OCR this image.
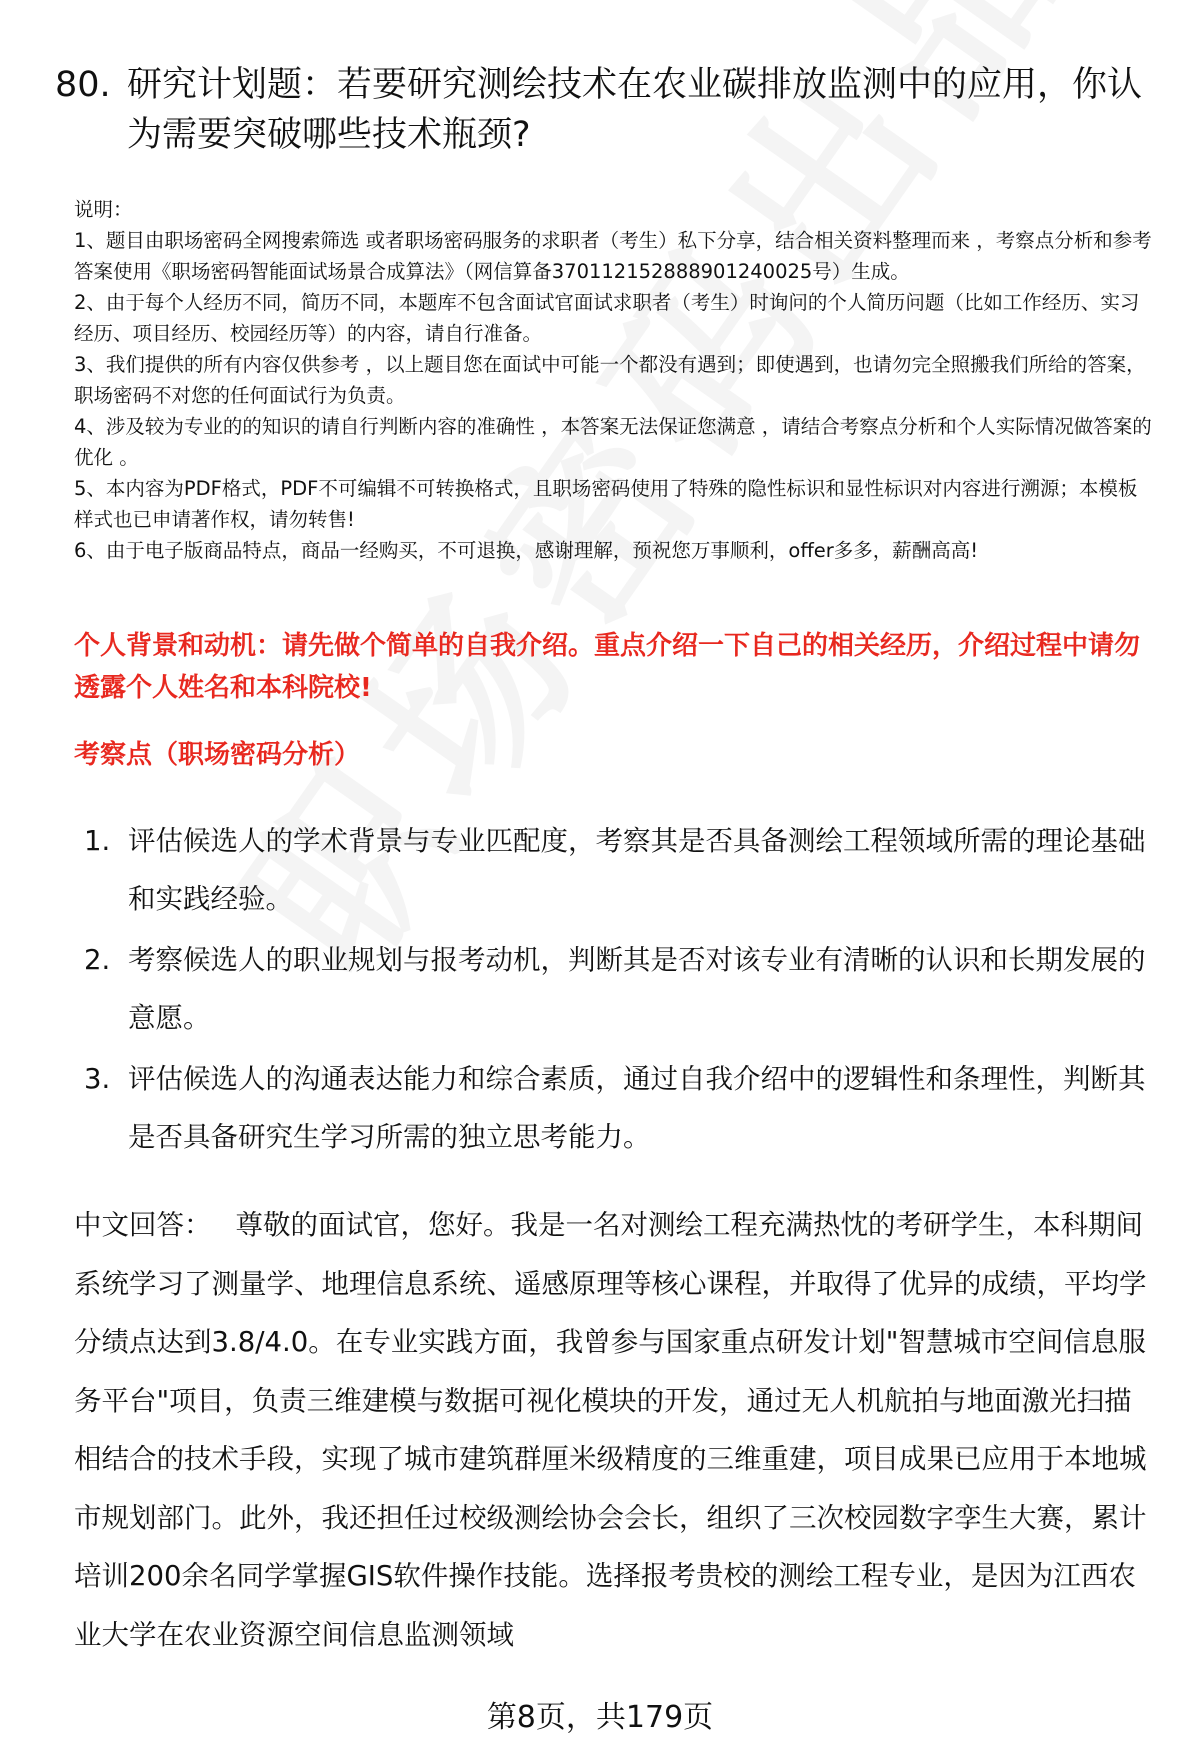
80. 研究计划题：若要研究测绘技术在农业碳排放监测中的应用，你认为需要突破哪些技术瓶颈?

说明：

1、题目由职场密码全网搜索筛选 或者职场密码服务的求职者（考生）私下分享，结合相关资料整理而来 ，考察点分析和参考答案使用《职场密码智能面试场景合成算法》（网信算备370112152888901240025号）生成。

2、由于每个人经历不同，简历不同，本题库不包含面试官面试求职者（考生）时询问的个人简历问题（比如工作经历、实习经历、项目经历、校园经历等）的内容，请自行准备。

3、我们提供的所有内容仅供参考 ，以上题目您在面试中可能一个都没有遇到；即使遇到，也请勿完全照搬我们所给的答案，职场密码不对您的任何面试行为负责。

4、涉及较为专业的的知识的请自行判断内容的准确性 ，本答案无法保证您满意 ，请结合考察点分析和个人实际情况做答案的优化 。

5、本内容为PDF格式，PDF不可编辑不可转换格式，且职场密码使用了特殊的隐性标识和显性标识对内容进行溯源；本模板样式也已申请著作权，请勿转售!

6、由于电子版商品特点，商品一经购买，不可退换，感谢理解，预祝您万事顺利，offer多多，薪酬高高!

个人背景和动机：请先做个简单的自我介绍。重点介绍一下自己的相关经历，介绍过程中请勿透露个人姓名和本科院校!
考察点（职场密码分析）
1. 评估候选人的学术背景与专业匹配度，考察其是否具备测绘工程领域所需的理论基础和实践经验。
2. 考察候选人的职业规划与报考动机，判断其是否对该专业有清晰的认识和长期发展的意愿。
3. 评估候选人的沟通表达能力和综合素质，通过自我介绍中的逻辑性和条理性，判断其是否具备研究生学习所需的独立思考能力。

中文回答： 尊敬的面试官，您好。我是一名对测绘工程充满热忱的考研学生，本科期间系统学习了测量学、地理信息系统、遥感原理等核心课程，并取得了优异的成绩，平均学分绩点达到3.8/4.0。在专业实践方面，我曾参与国家重点研发计划"智慧城市空间信息服务平台"项目，负责三维建模与数据可视化模块的开发，通过无人机航拍与地面激光扫描相结合的技术手段，实现了城市建筑群厘米级精度的三维重建，项目成果已应用于本地城市规划部门。此外，我还担任过校级测绘协会会长，组织了三次校园数字孪生大赛，累计培训200余名同学掌握GIS软件操作技能。选择报考贵校的测绘工程专业，是因为江西农业大学在农业资源空间信息监测领域

第8页，共179页
